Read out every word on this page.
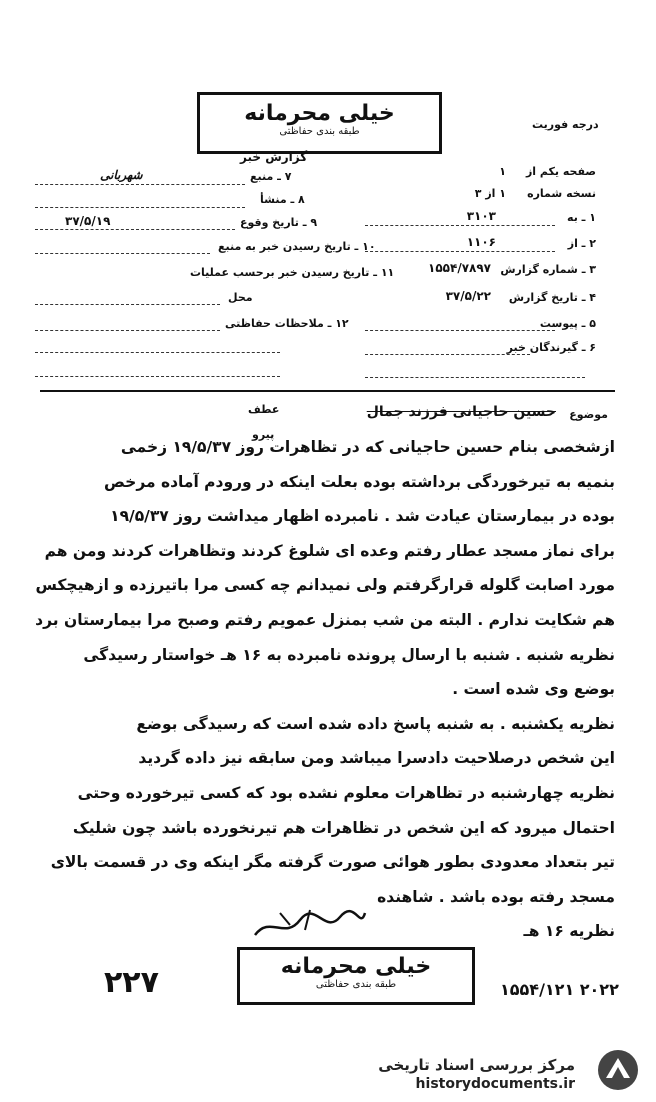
خیلی محرمانه
طبقه بندی حفاظتی
گزارش خبر
درجه فوریت
صفحه یکم از
۱
نسخه شماره
۱ از ۳
۱ ـ به
۳۱۰۳
۲ ـ از
۱۱۰۶
۳ ـ شماره گزارش
۱۵۵۴/۷۸۹۷
۴ ـ تاریخ گزارش
۳۷/۵/۲۲
۵ ـ پیوست
۶ ـ گیرندگان خبر
۷ ـ منبع
شهربانی
۸ ـ منشأ
۹ ـ تاریخ وقوع
۳۷/۵/۱۹
۱۰ ـ تاریخ رسیدن خبر به منبع
۱۱ ـ تاریخ رسیدن خبر برحسب عملیات
محل
۱۲ ـ ملاحظات حفاظتی
عطف
پیرو
موضوع
حسین حاجیانی فرزند جمال
ازشخصی بنام حسین حاجیانی که در تظاهرات روز ۱۹/۵/۳۷ زخمی
بنمیه به تیرخوردگی برداشته بوده بعلت اینکه در ورودم آماده مرخص
بوده در بیمارستان عیادت شد . نامبرده اظهار میداشت روز ۱۹/۵/۳۷
برای نماز مسجد عطار رفتم وعده ای شلوغ کردند وتظاهرات کردند ومن هم
مورد اصابت گلوله قرارگرفتم ولی نمیدانم چه کسی مرا باتیرزده و ازهیچکس
هم شکایت ندارم . البته من شب بمنزل عمویم رفتم وصبح مرا بیمارستان برد
نظریه شنبه . شنبه با ارسال پرونده نامبرده به ۱۶ هـ خواستار رسیدگی
بوضع وی شده است .
نظریه یکشنبه . به شنبه پاسخ داده شده است که رسیدگی بوضع
این شخص درصلاحیت دادسرا میباشد ومن سابقه نیز داده گردید
نظریه چهارشنبه در تظاهرات معلوم نشده بود که کسی تیرخورده وحتی
احتمال میرود که این شخص در تظاهرات هم تیرنخورده باشد چون شلیک
تیر بتعداد معدودی بطور هوائی صورت گرفته مگر اینکه وی در قسمت بالای
مسجد رفته بوده باشد . شاهنده
نظریه ۱۶ هـ
خیلی محرمانه
طبقه بندی حفاظتی
۲۲۷	۱۵۵۴/۱۲۱ ۲۰۲۲
مرکز بررسی اسناد تاریخی
historydocuments.ir
